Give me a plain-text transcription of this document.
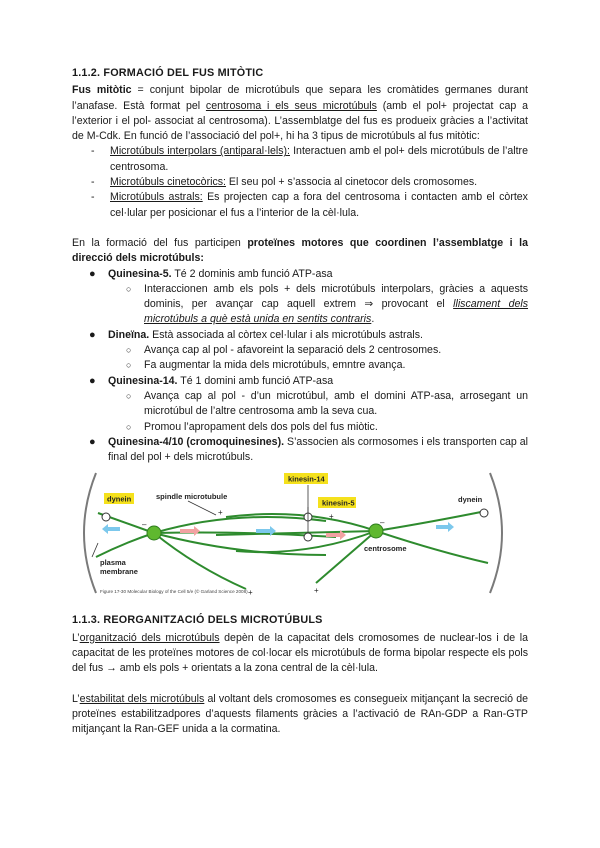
1.1.2. FORMACIÓ DEL FUS MITÒTIC

Fus mitòtic = conjunt bipolar de microtúbuls que separa les cromàtides germanes durant l’anafase. Està format pel centrosoma i els seus microtúbuls (amb el pol+ projectat cap a l’exterior i el pol- associat al centrosoma). L’assemblatge del fus es produeix gràcies a l’activitat de M-Cdk. En funció de l’associació del pol+, hi ha 3 tipus de microtúbuls al fus mitòtic:

- Microtúbuls interpolars (antiparal·lels): Interactuen amb el pol+ dels microtúbuls de l’altre centrosoma.
- Microtúbuls cinetocòrics: El seu pol + s’associa al cinetocor dels cromosomes.
- Microtúbuls astrals: Es projecten cap a fora del centrosoma i contacten amb el còrtex cel·lular per posicionar el fus a l’interior de la cèl·lula.

En la formació del fus participen proteïnes motores que coordinen l’assemblatge i la direcció dels microtúbuls:

● Quinesina-5. Té 2 dominis amb funció ATP-asa
○ Interaccionen amb els pols + dels microtúbuls interpolars, gràcies a aquests dominis, per avançar cap aquell extrem ⇒ provocant el lliscament dels microtúbuls a què està unida en sentits contraris.
● Dineïna. Està associada al còrtex cel·lular i als microtúbuls astrals.
○ Avança cap al pol - afavoreint la separació dels 2 centrosomes.
○ Fa augmentar la mida dels microtúbuls, emntre avança.
● Quinesina-14. Té 1 domini amb funció ATP-asa
○ Avança cap al pol - d’un microtúbul, amb el domini ATP-asa, arrosegant un microtúbul de l’altre centrosoma amb la seva cua.
○ Promou l’apropament dels dos pols del fus miòtic.
● Quinesina-4/10 (cromoquinesines). S’associen als cormosomes i els transporten cap al final del pol + dels microtúbuls.
kinesin-14
kinesin-5
dynein	dynein
spindle microtubule
centrosome
plasma
membrane
+
+
+	+
–	–
Figure 17-30 Molecular Biology of the Cell 5/e (© Garland Science 2008)
1.1.3. REORGANITZACIÓ DELS MICROTÚBULS

L’organització dels microtúbuls depèn de la capacitat dels cromosomes de nuclear-los i de la capacitat de les proteïnes motores de col·locar els microtúbuls de forma bipolar respecte els pols del fus → amb els pols + orientats a la zona central de la cèl·lula.

L’estabilitat dels microtúbuls al voltant dels cromosomes es consegueix mitjançant la secreció de proteïnes estabilitzadpores d’aquests filaments gràcies a l’activació de RAn-GDP a Ran-GTP mitjançant la Ran-GEF unida a la cormatina.
